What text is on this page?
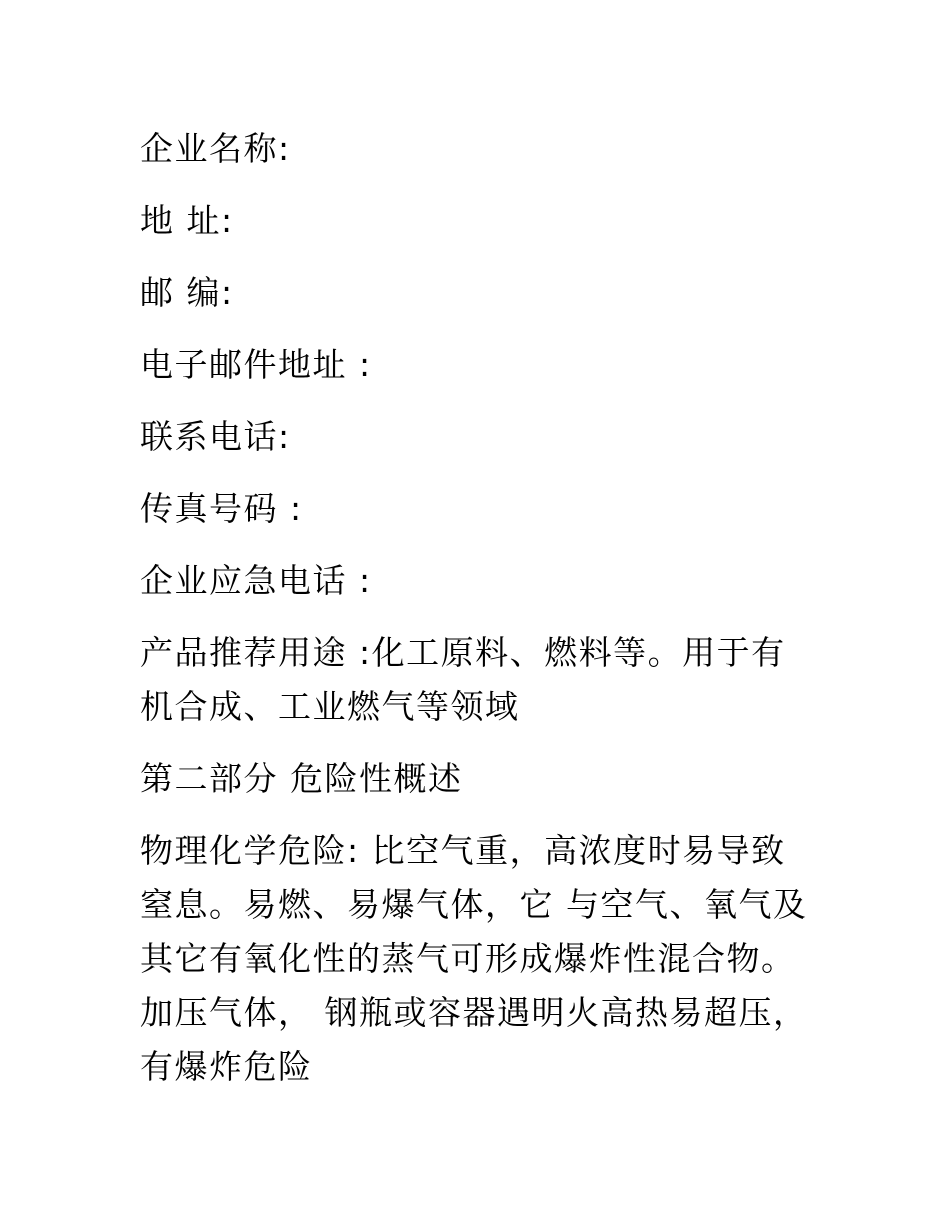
企业名称:
地 址:
邮 编:
电子邮件地址 :
联系电话:
传真号码 :
企业应急电话 :
产品推荐用途 :化工原料、燃料等。用于有机合成、工业燃气等领域
第二部分 危险性概述
物理化学危险: 比空气重，高浓度时易导致窒息。易燃、易爆气体，它 与空气、氧气及其它有氧化性的蒸气可形成爆炸性混合物。加压气体， 钢瓶或容器遇明火高热易超压，有爆炸危险
